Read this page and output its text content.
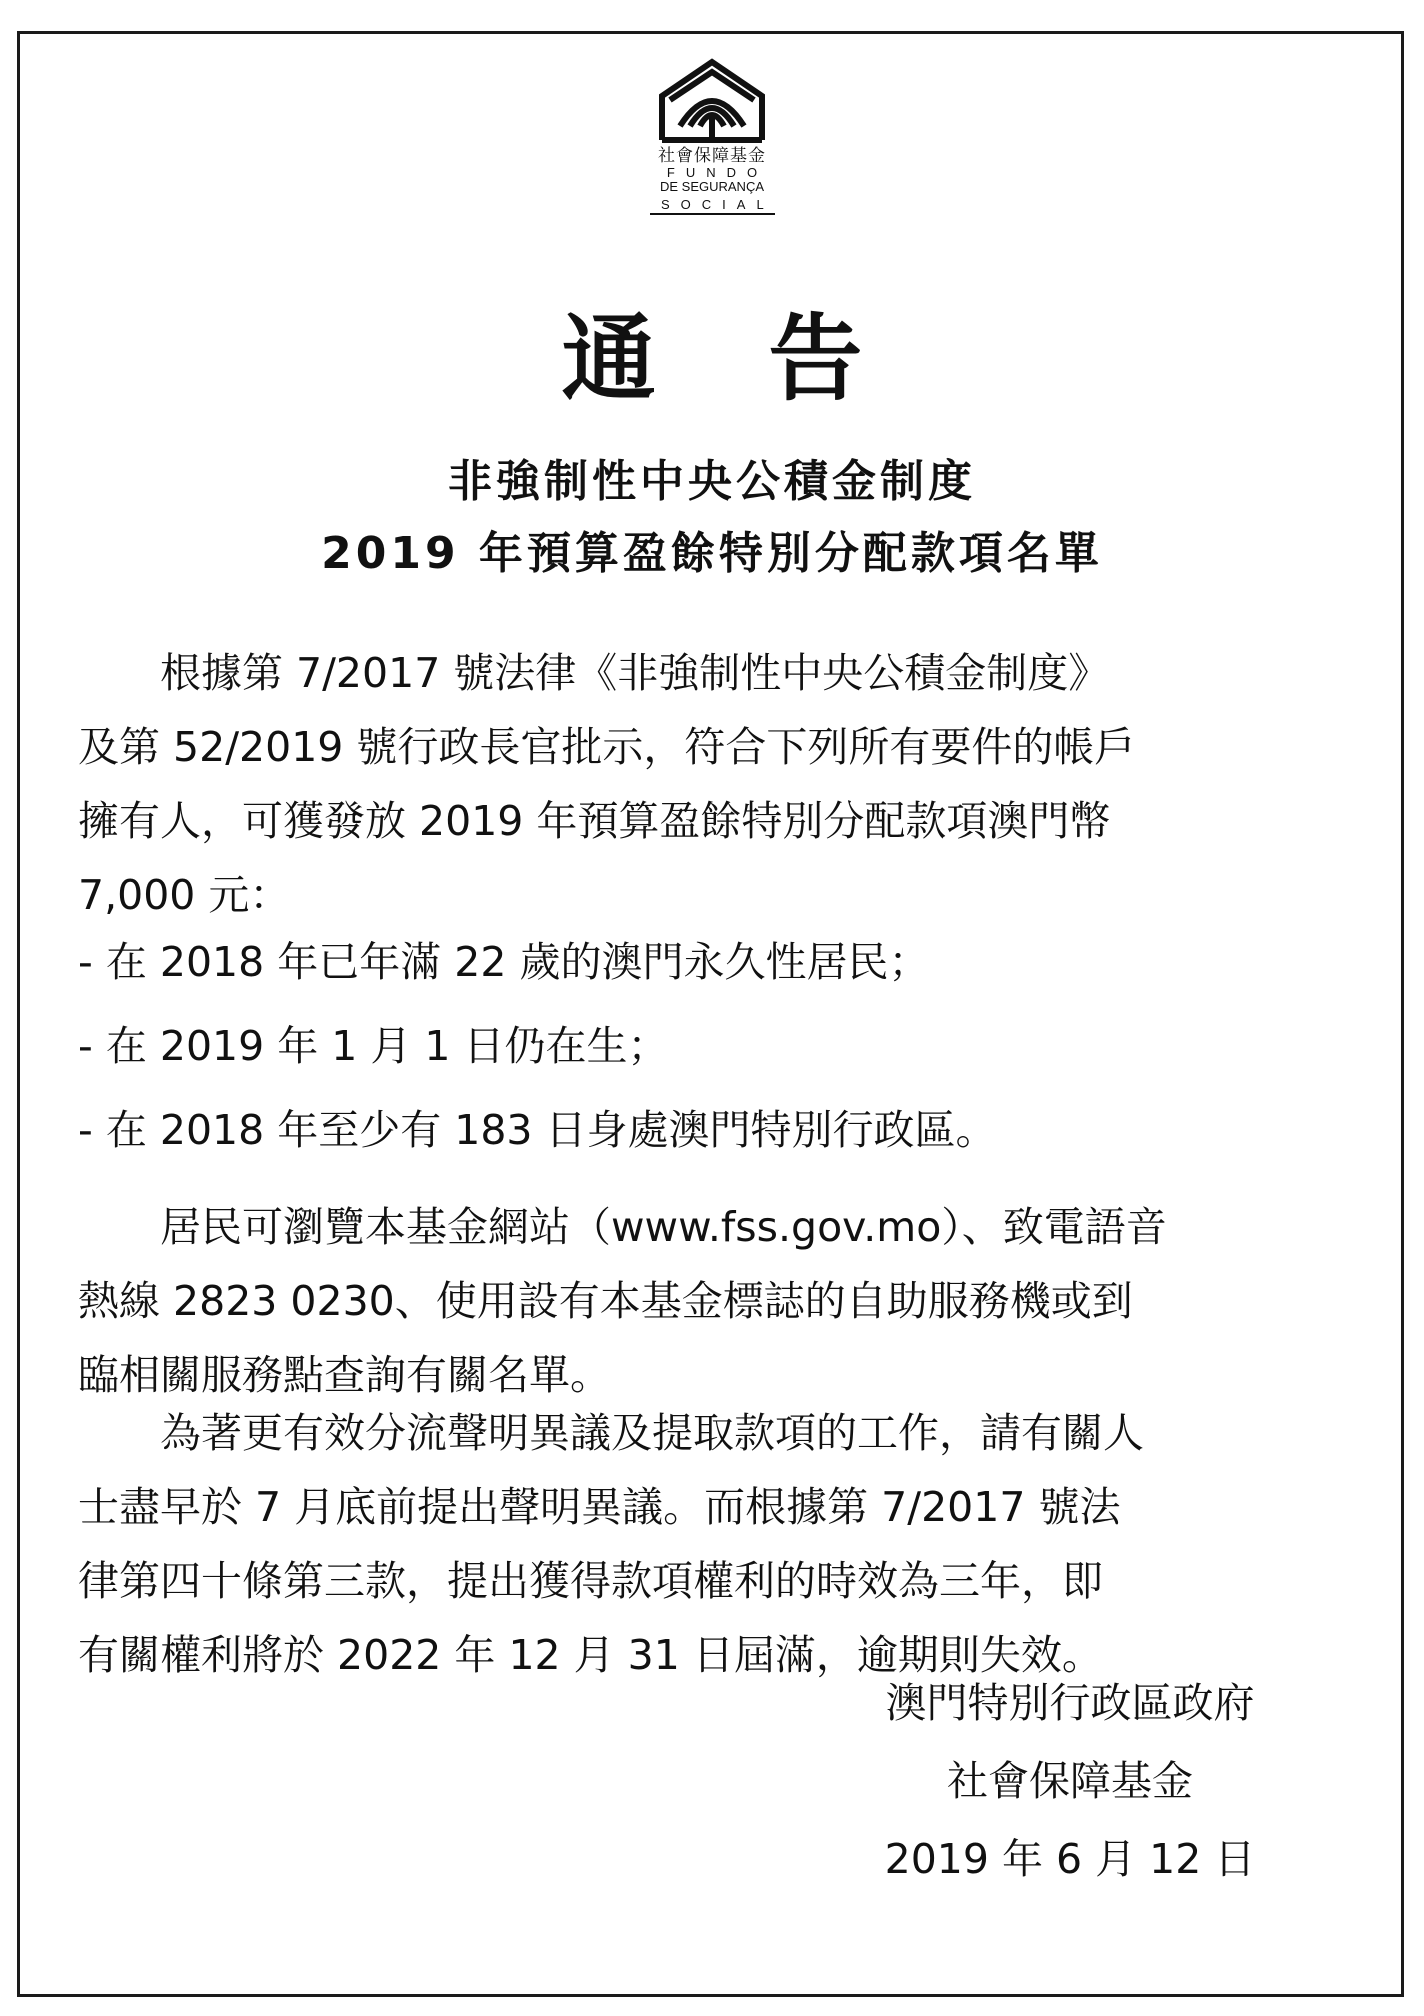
社會保障基金
FUNDO
DE SEGURANÇA
SOCIAL
通 告
非強制性中央公積金制度
2019 年預算盈餘特別分配款項名單
根據第 7/2017 號法律《非強制性中央公積金制度》
及第 52/2019 號行政長官批示，符合下列所有要件的帳戶
擁有人，可獲發放 2019 年預算盈餘特別分配款項澳門幣
7,000 元：
- 在 2018 年已年滿 22 歲的澳門永久性居民；
- 在 2019 年 1 月 1 日仍在生；
- 在 2018 年至少有 183 日身處澳門特別行政區。
居民可瀏覽本基金網站（www.fss.gov.mo）、致電語音
熱線 2823 0230、使用設有本基金標誌的自助服務機或到
臨相關服務點查詢有關名單。
為著更有效分流聲明異議及提取款項的工作，請有關人
士盡早於 7 月底前提出聲明異議。而根據第 7/2017 號法
律第四十條第三款，提出獲得款項權利的時效為三年，即
有關權利將於 2022 年 12 月 31 日屆滿，逾期則失效。
澳門特別行政區政府
社會保障基金
2019 年 6 月 12 日
